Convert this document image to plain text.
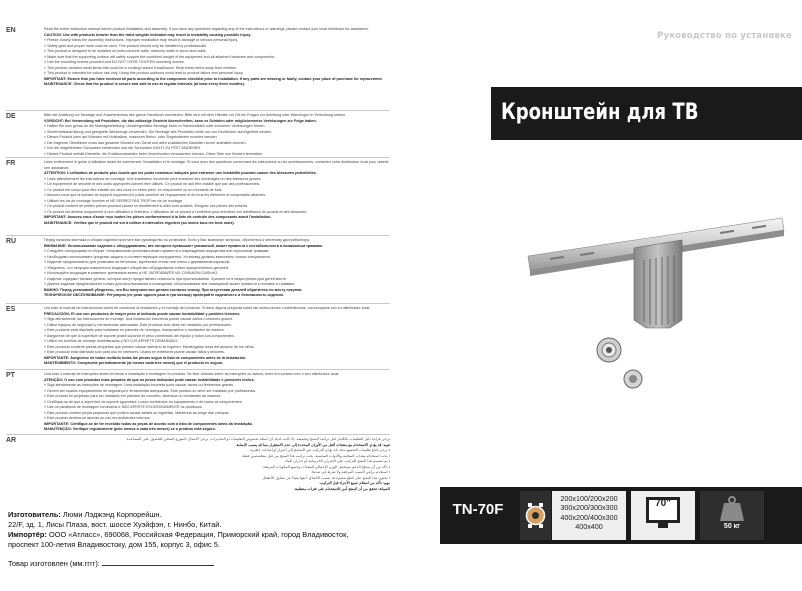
EN	Read the entire instruction manual before product installation and assembly. If you have any questions regarding any of the instructions or warnings, please contact your local distributor for assistance.

CAUTION: Use with products heavier than the rated weights indicated may result in instability causing possible injury.

» Please closely follow the assembly instructions. Improper installation may result in damage or serious personal injury.

» Safety gear and proper tools must be used. This product should only be installed by professionals.

» This product is designed to be installed on solid concrete walls, masonry walls or wood stud walls.

» Make sure that the supporting surface will safely support the combined weight of the equipment and all attached hardware and components.

» Use the mounting screws provided and DO NOT OVER-TIGHTEN mounting screws.

» This product contains small items that could be a choking hazard if swallowed. Keep these items away from children.

» This product is intended for indoor use only. Using this product outdoors could lead to product failure and personal injury.

IMPORTANT: Ensure that you have received all parts according to the component checklist prior to installation. If any parts are missing or faulty, contact your place of purchase for replacement.

MAINTENANCE: Check that the product is secure and safe to use at regular intervals (at least every three months).

DE	Bitte die Anleitung vor Montage und Zusammenbau des ganze Handbuch durchlesen. Bitte sich mit dem Händler vor Ort bei Fragen zur Anleitung oder Warnungen in Verbindung setzen.

VORSICHT: Bei Verwendung mit Produkten, die das zulässige Gewicht überschreiten, kann es Schäden oder möglicherweise Verletzungen zur Folge haben.

» Halten Sie sich genau an die Montageanleitung. Unsachgemäße Montage kann zu Sachschäden oder schweren Verletzungen führen.

» Sicherheitsausrüstung und geeignete Werkzeuge verwenden. Die Montage des Produktes sollte nur von Fachleuten durchgeführt werden.

» Dieses Produkt kann auf Wänden mit Holzbalken, massiven Beton- oder Ziegelwänden montiert werden.

» Die tragende Oberfläche muss das gesamte Gewicht von Gerät und allen zusätzlichen Bauteilen sicher aushalten können.

» Nur die mitgelieferten Schrauben verwenden und die Schrauben NICHT ZU FEST ANZIEHEN.

» Dieses Produkt enthält Kleinteile, die Erstickungsgefahr beim Verschlucken verursachen können. Diese Teile von Kindern fernhalten.

FR	Lisez entièrement le guide d'utilisation avant de commencer l'installation et le montage. Si vous avez des questions concernant les instructions ou les avertissements, contactez votre distributeur local pour obtenir une assistance.

ATTENTION: L'utilisation de produits plus lourds que les poids nominaux indiqués peut entraîner une instabilité pouvant causer des blessures potentielles.

» Lisez attentivement les instructions de montage. Une installation incorrecte peut entraîner des dommages ou des blessures graves.

» Un équipement de sécurité et des outils appropriés doivent être utilisés. Ce produit ne doit être installé que par des professionnels.

» Ce produit est conçu pour être installé sur des murs en béton plein, en maçonnerie ou en montants de bois.

» Assurez-vous que la surface de support supportera le poids combiné de l'équipement et de tous les éléments et composants attachés.

» Utilisez les vis de montage fournies et NE SERREZ PAS TROP les vis de montage.

» Ce produit contient de petites pièces pouvant causer un étouffement si elles sont avalées. Éloignez ces pièces des enfants.

» Ce produit est destiné uniquement à une utilisation à l'intérieur. L'utilisation de ce produit à l'extérieur peut entraîner une défaillance du produit et des blessures.

IMPORTANT: Assurez-vous d'avoir reçu toutes les pièces conformément à la liste de contrôle des composants avant l'installation.

MAINTENANCE: Vérifiez que le produit est sûr à utiliser à intervalles réguliers (au moins tous les trois mois).

RU	Перед началом монтажа и сборки изделия прочтите все руководство по установке. Если у Вас возникнут вопросы, обратитесь к местному дистрибьютору.

ВНИМАНИЕ: Использование изделия с оборудованием, вес которого превышает указанный, может привести к нестабильности и возможным травмам.

» Следуйте инструкциям по сборке. Неправильная установка может привести к повреждению имущества или серьезным травмам.

» Необходимо использовать средства защиты и соответствующие инструменты. Установку должны выполнять только специалисты.

» Изделие предназначено для установки на бетонные, кирпичные стены или стены с деревянным каркасом.

» Убедитесь, что несущая поверхность выдержит общий вес оборудования и всех прикрепленных деталей.

» Используйте входящие в комплект крепежные винты и НЕ ЗАТЯГИВАЙТЕ ИХ СЛИШКОМ СИЛЬНО.

» Изделие содержит мелкие детали, которые могут представлять опасность при проглатывании. Храните их в недоступном для детей месте.

» Данное изделие предназначено только для использования в помещении. Использование вне помещений может привести к поломке и травмам.

ВАЖНО: Перед установкой убедитесь, что Вы получили все детали согласно списку. При отсутствии деталей обратитесь по месту покупки.

ТЕХНИЧЕСКОЕ ОБСЛУЖИВАНИЕ: Регулярно (не реже одного раза в три месяца) проверяйте надежность и безопасность изделия.

ES	Lea todo el manual de instrucciones antes de comenzar la instalación y el montaje del producto. Si tiene alguna pregunta sobre las instrucciones o advertencias, comuníquese con su distribuidor local.

PRECAUCIÓN: El uso con productos de mayor peso al indicado puede causar inestabilidad y posibles lesiones.

» Siga atentamente las instrucciones de montaje. Una instalación incorrecta puede causar daños o lesiones graves.

» Utilice equipos de seguridad y herramientas adecuadas. Este producto solo debe ser instalado por profesionales.

» Este producto está diseñado para instalarse en paredes de hormigón, mampostería o montantes de madera.

» Asegúrese de que la superficie de soporte podrá soportar el peso combinado del equipo y todos sus componentes.

» Utilice los tornillos de montaje suministrados y NO LOS APRIETE DEMASIADO.

» Este producto contiene piezas pequeñas que pueden causar asfixia si se ingieren. Manténgalas fuera del alcance de los niños.

» Este producto está diseñado solo para uso en interiores. Usarlo en exteriores puede causar fallos y lesiones.

IMPORTANTE: Asegúrese de haber recibido todas las piezas según la lista de componentes antes de la instalación.

MANTENIMIENTO: Compruebe periódicamente (al menos cada tres meses) que el producto es seguro.

PT	Leia todo o manual de instruções antes de iniciar a instalação e montagem do produto. Se tiver dúvidas sobre as instruções ou avisos, entre em contato com o seu distribuidor local.

ATENÇÃO: O uso com produtos mais pesados do que os pesos indicados pode causar instabilidade e possíveis lesões.

» Siga atentamente as instruções de montagem. Uma instalação incorreta pode causar danos ou ferimentos graves.

» Devem ser usados equipamentos de segurança e ferramentas adequadas. Este produto só deve ser instalado por profissionais.

» Este produto foi projetado para ser instalado em paredes de concreto, alvenaria ou montantes de madeira.

» Certifique-se de que a superfície de suporte aguentará o peso combinado do equipamento e de todos os componentes.

» Use os parafusos de montagem fornecidos e NÃO APERTE EXCESSIVAMENTE os parafusos.

» Este produto contém peças pequenas que podem causar asfixia se ingeridas. Mantenha-as longe das crianças.

» Este produto destina-se apenas ao uso em ambientes internos.

IMPORTANTE: Certifique-se de ter recebido todas as peças de acordo com a lista de componentes antes da instalação.

MANUTENÇÃO: Verifique regularmente (pelo menos a cada três meses) se o produto está seguro.

AR	يرجى قراءة دليل التعليمات بالكامل قبل تركيب المنتج وتجميعه. إذا كانت لديك أي أسئلة بخصوص التعليمات أو التحذيرات، يرجى الاتصال بالموزع المحلي للحصول على المساعدة.

تنبيه: قد يؤدي الاستخدام مع منتجات أثقل من الأوزان المحددة إلى عدم الاستقرار مما قد يسبب الإصابة.

• يرجى اتباع تعليمات التجميع بدقة. قد يؤدي التركيب غير الصحيح إلى أضرار أو إصابات خطيرة.

• يجب استخدام معدات السلامة والأدوات المناسبة. يجب تركيب هذا المنتج من قبل متخصصين فقط.

• تم تصميم هذا المنتج للتركيب على الجدران الخرسانية أو جدران البناء.

• تأكد من أن سطح الدعم سيتحمل الوزن الإجمالي للمعدات وجميع المكونات المرفقة.

• استخدم براغي التثبيت المرفقة ولا تفرط في شدها.

• يحتوي هذا المنتج على قطع صغيرة قد تسبب الاختناق. أبقها بعيدًا عن متناول الأطفال.

مهم: تأكد من استلام جميع الأجزاء قبل التركيب.

الصيانة: تحقق من أن المنتج آمن للاستخدام على فترات منتظمة.

Изготовитель: Люми Лэджэнд Корпорейшн.
22/F, зд. 1, Лисы Плаза, вост. шоссе Хуэйфэн, г. Нинбо, Китай.
Импортёр: ООО «Атласс», 690068, Российская Федерация, Приморский край, город Владивосток,
проспект 100-летия Владивостоку, дом 155, корпус 3, офис 5.
Товар изготовлен (мм.гггг):
Руководство по установке
Кронштейн для ТВ
TN-70F
200x100/200x200
300x200/300x300
400x200/400x300
400x400
70"
50 кг
